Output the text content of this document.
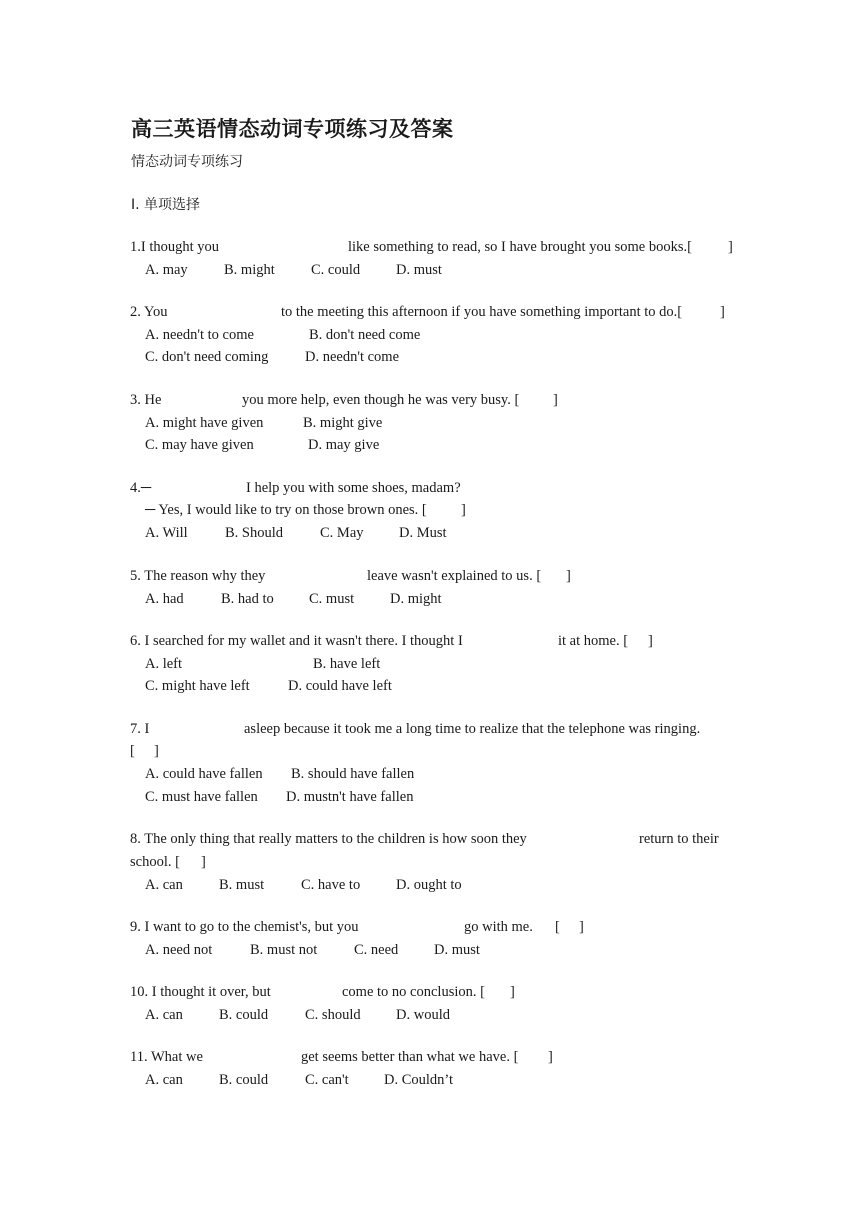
高三英语情态动词专项练习及答案
情态动词专项练习
Ⅰ. 单项选择
1.I thought you	like something to read, so I have brought you some books.[ ]
A. may	B. might C. could D. must
2. You	to the meeting this afternoon if you have something important to do.[	]
A. needn't to come	B. don't need come
C. don't need coming	D. needn't come
3. He	you more help, even though he was very busy. [ ]
A. might have given	B. might give
C. may have given	D. may give
4.─	I help you with some shoes, madam?
─ Yes, I would like to try on those brown ones. [ ]
A. Will	B. Should	C. May D. Must
5. The reason why they	leave wasn't explained to us. [ ]
A. had	B. had to C. must D. might
6. I searched for my wallet and it wasn't there. I thought I	it at home. [ ]
A. left	B. have left
C. might have left	D. could have left
7. I	asleep because it took me a long time to realize that the telephone was ringing.
[ ]
A. could have fallen B. should have fallen
C. must have fallen D. mustn't have fallen
8. The only thing that really matters to the children is how soon they	return to their
school. [ ]
A. can B. must	C. have to D. ought to
9. I want to go to the chemist's, but you	go with me. [ ]
A. need not	B. must not	C. need D. must
10. I thought it over, but	come to no conclusion. [ ]
A. can B. could	C. should D. would
11. What we	get seems better than what we have. [ ]
A. can B. could	C. can't D. Couldn’t
